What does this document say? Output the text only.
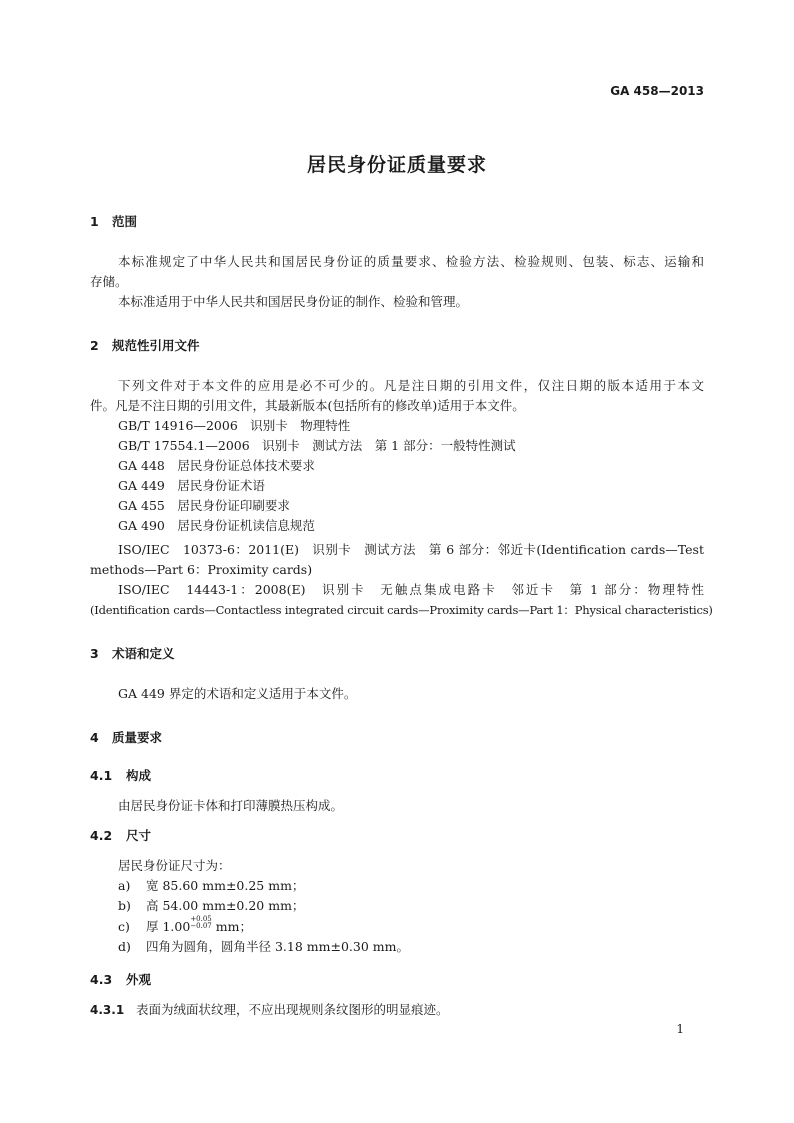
GA 458—2013
居民身份证质量要求
1 范围
本标准规定了中华人民共和国居民身份证的质量要求、检验方法、检验规则、包装、标志、运输和
存储。
本标准适用于中华人民共和国居民身份证的制作、检验和管理。
2 规范性引用文件
下列文件对于本文件的应用是必不可少的。凡是注日期的引用文件，仅注日期的版本适用于本文
件。凡是不注日期的引用文件，其最新版本(包括所有的修改单)适用于本文件。
GB/T 14916—2006　识别卡　物理特性
GB/T 17554.1—2006　识别卡　测试方法　第 1 部分：一般特性测试
GA 448　居民身份证总体技术要求
GA 449　居民身份证术语
GA 455　居民身份证印刷要求
GA 490　居民身份证机读信息规范
ISO/IEC　10373-6：2011(E)　识别卡　测试方法　第 6 部分：邻近卡(Identification cards—Test
methods—Part 6：Proximity cards)
ISO/IEC　14443-1：2008(E)　识别卡　无触点集成电路卡　邻近卡　第 1 部分：物理特性
(Identification cards—Contactless integrated circuit cards—Proximity cards—Part 1：Physical characteristics)
3 术语和定义
GA 449 界定的术语和定义适用于本文件。
4 质量要求
4.1 构成
由居民身份证卡体和打印薄膜热压构成。
4.2 尺寸
居民身份证尺寸为：
a) 宽 85.60 mm±0.25 mm；
b) 高 54.00 mm±0.20 mm；
c) 厚 1.00 $^{+0.05 -0.07}$ mm；
d) 四角为圆角，圆角半径 3.18 mm±0.30 mm。
4.3 外观
4.3.1 表面为绒面状纹理，不应出现规则条纹图形的明显痕迹。
1
